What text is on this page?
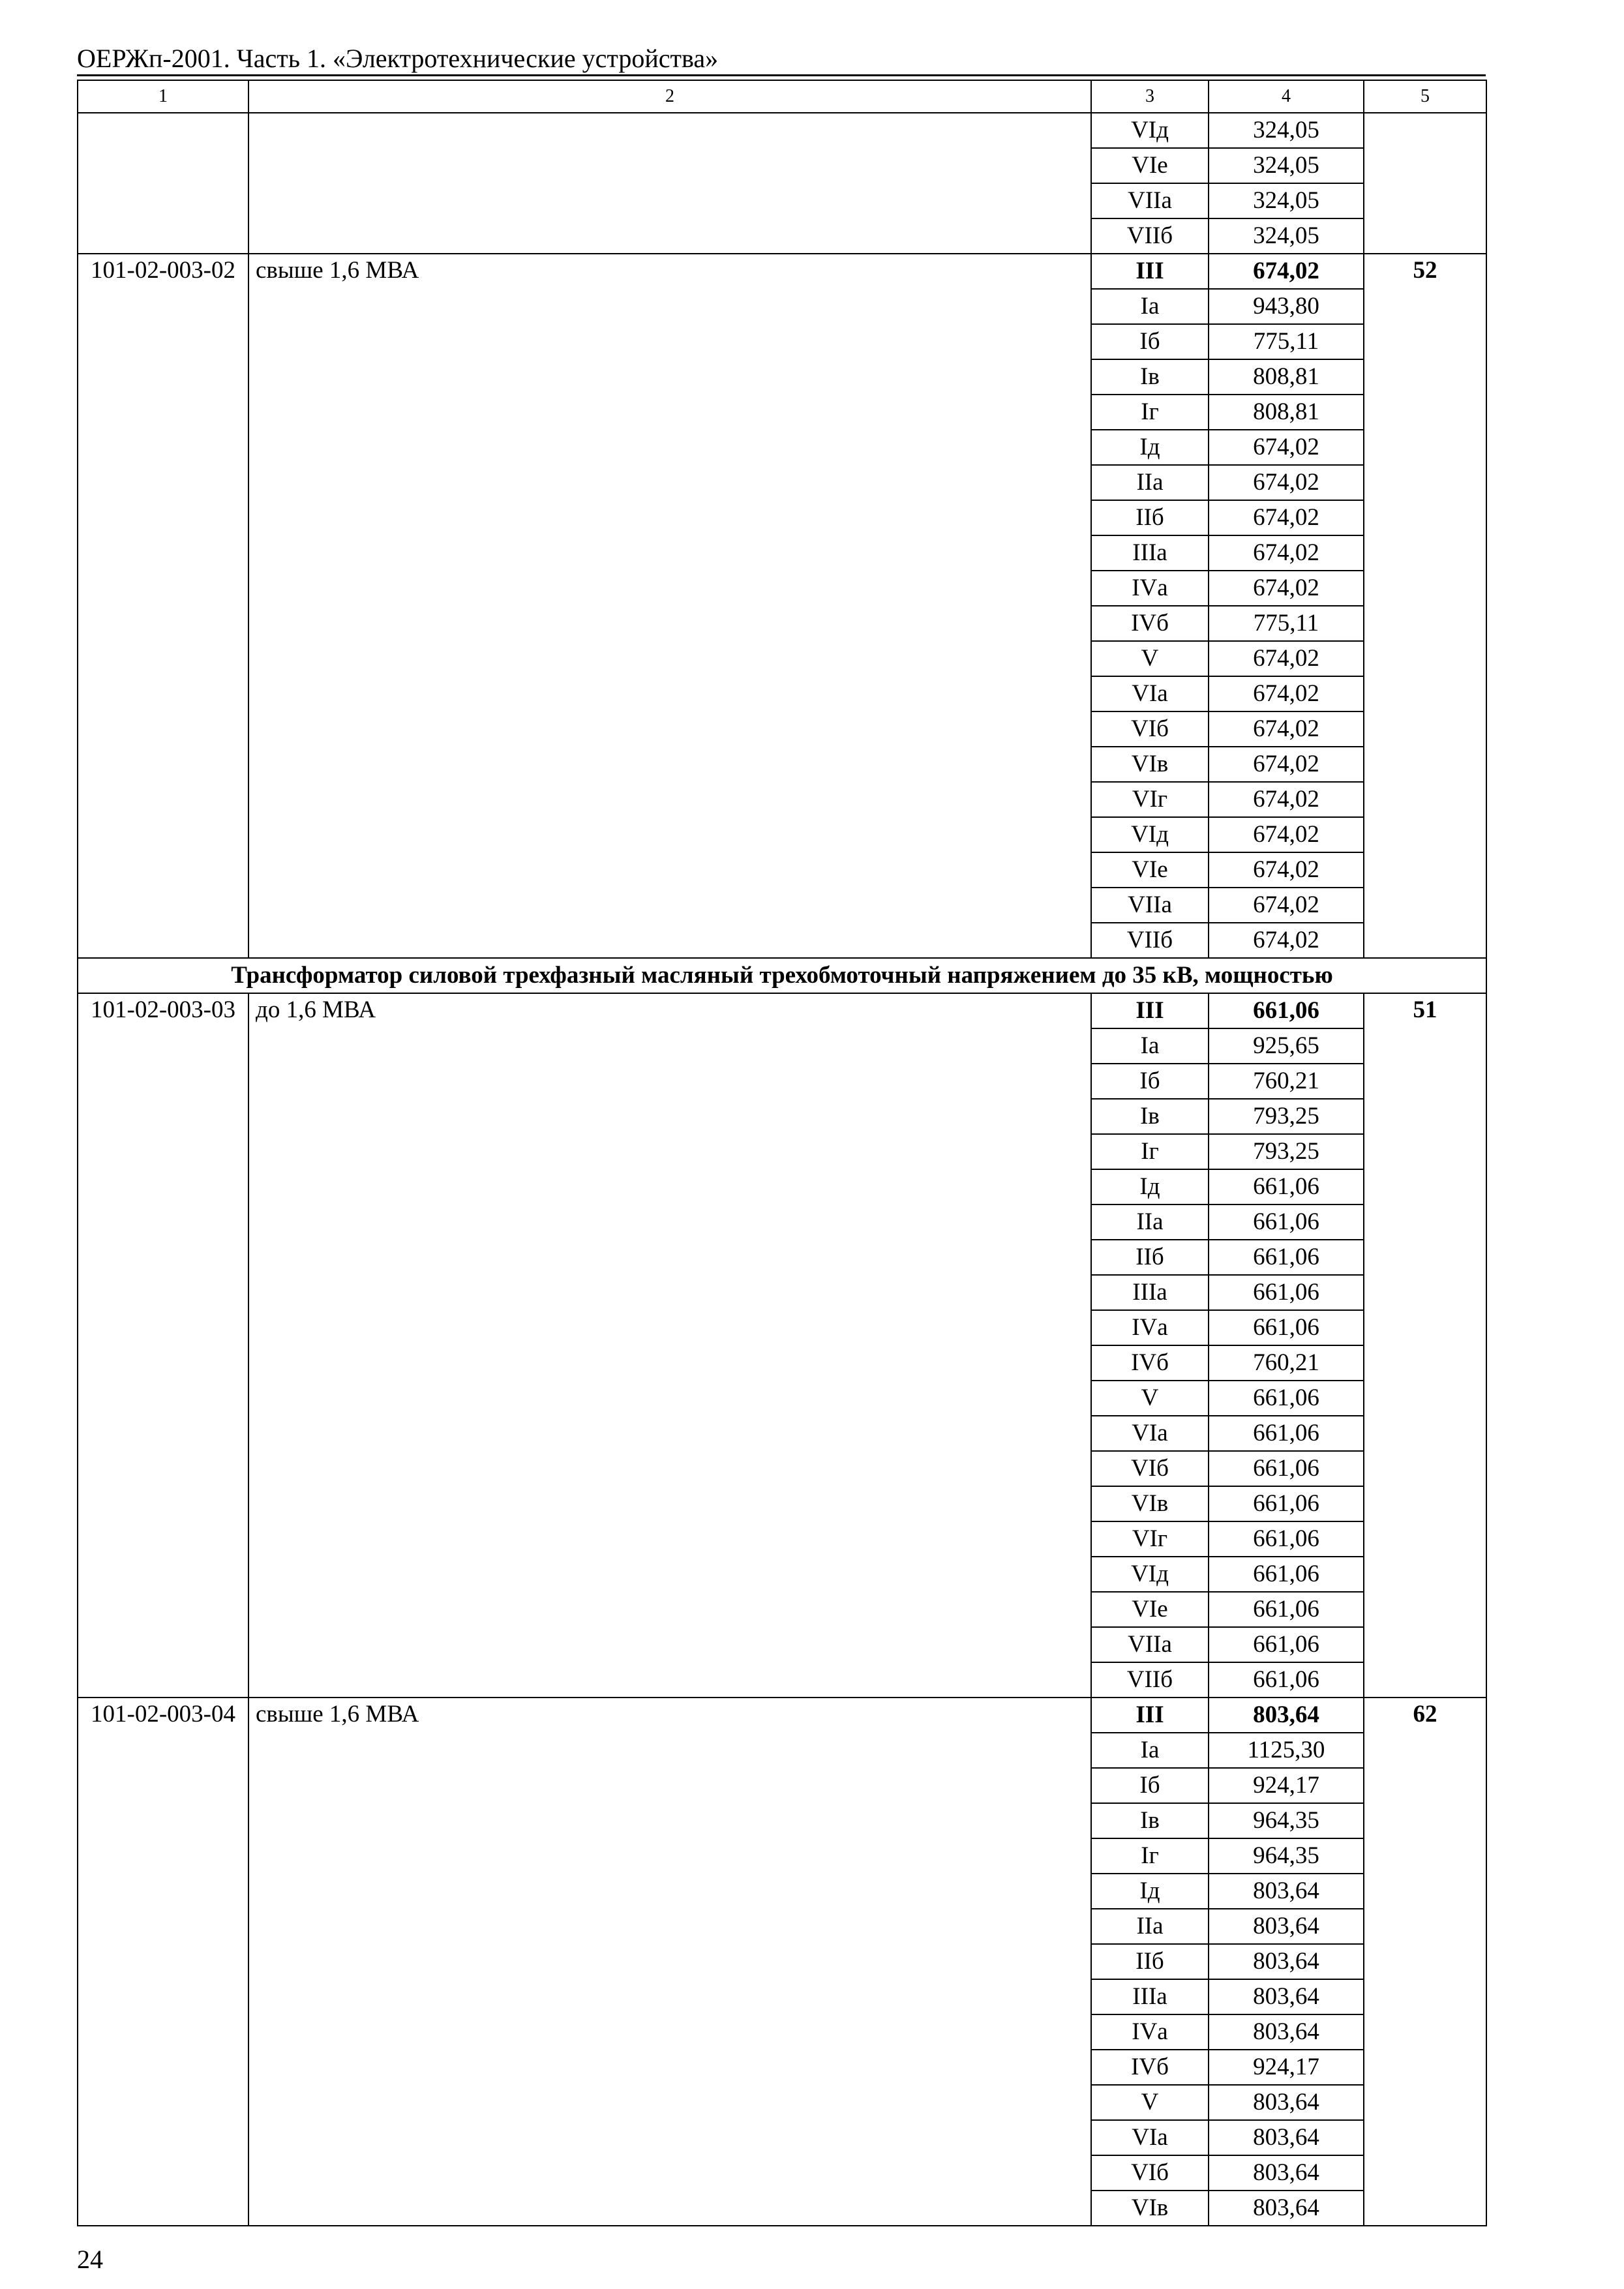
ОЕРЖп-2001. Часть 1. «Электротехнические устройства»
1	2	3	4	5
		VIд	324,05	
		VIе	324,05	
		VIIа	324,05	
		VIIб	324,05	
101-02-003-02	свыше 1,6 МВА	III	674,02	52
		Iа	943,80	
		Iб	775,11	
		Iв	808,81	
		Iг	808,81	
		Iд	674,02	
		IIа	674,02	
		IIб	674,02	
		IIIа	674,02	
		IVа	674,02	
		IVб	775,11	
		V	674,02	
		VIа	674,02	
		VIб	674,02	
		VIв	674,02	
		VIг	674,02	
		VIд	674,02	
		VIе	674,02	
		VIIа	674,02	
		VIIб	674,02	
Трансформатор силовой трехфазный масляный трехобмоточный напряжением до 35 кВ, мощностью				
101-02-003-03	до 1,6 МВА	III	661,06	51
		Iа	925,65	
		Iб	760,21	
		Iв	793,25	
		Iг	793,25	
		Iд	661,06	
		IIа	661,06	
		IIб	661,06	
		IIIа	661,06	
		IVа	661,06	
		IVб	760,21	
		V	661,06	
		VIа	661,06	
		VIб	661,06	
		VIв	661,06	
		VIг	661,06	
		VIд	661,06	
		VIе	661,06	
		VIIа	661,06	
		VIIб	661,06	
101-02-003-04	свыше 1,6 МВА	III	803,64	62
		Iа	1125,30	
		Iб	924,17	
		Iв	964,35	
		Iг	964,35	
		Iд	803,64	
		IIа	803,64	
		IIб	803,64	
		IIIа	803,64	
		IVа	803,64	
		IVб	924,17	
		V	803,64	
		VIа	803,64	
		VIб	803,64	
		VIв	803,64	
24
